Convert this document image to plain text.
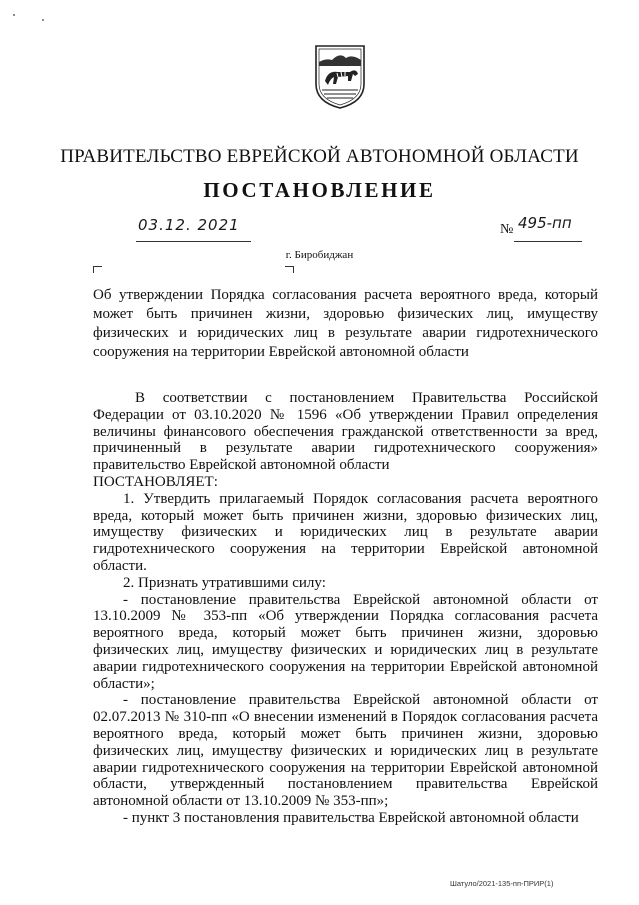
ПРАВИТЕЛЬСТВО ЕВРЕЙСКОЙ АВТОНОМНОЙ ОБЛАСТИ
ПОСТАНОВЛЕНИЕ
03.12. 2021	№ 495-пп
г. Биробиджан
Об утверждении Порядка согласования расчета вероятного вреда, который может быть причинен жизни, здоровью физических лиц, имуществу физических и юридических лиц в результате аварии гидротехнического сооружения на территории Еврейской автономной области

В соответствии с постановлением Правительства Российской Федерации от 03.10.2020 № 1596 «Об утверждении Правил определения величины финансового обеспечения гражданской ответственности за вред, причиненный в результате аварии гидротехнического сооружения» правительство Еврейской автономной области

ПОСТАНОВЛЯЕТ:

1. Утвердить прилагаемый Порядок согласования расчета вероятного вреда, который может быть причинен жизни, здоровью физических лиц, имуществу физических и юридических лиц в результате аварии гидротехнического сооружения на территории Еврейской автономной области.

2. Признать утратившими силу:

- постановление правительства Еврейской автономной области от 13.10.2009 № 353-пп «Об утверждении Порядка согласования расчета вероятного вреда, который может быть причинен жизни, здоровью физических лиц, имуществу физических и юридических лиц в результате аварии гидротехнического сооружения на территории Еврейской автономной области»;

- постановление правительства Еврейской автономной области от 02.07.2013 № 310-пп «О внесении изменений в Порядок согласования расчета вероятного вреда, который может быть причинен жизни, здоровью физических лиц, имуществу физических и юридических лиц в результате аварии гидротехнического сооружения на территории Еврейской автономной области, утвержденный постановлением правительства Еврейской автономной области от 13.10.2009 № 353-пп»;

- пункт 3 постановления правительства Еврейской автономной области

Шатуло/2021-135-пп-ПРИР(1)
